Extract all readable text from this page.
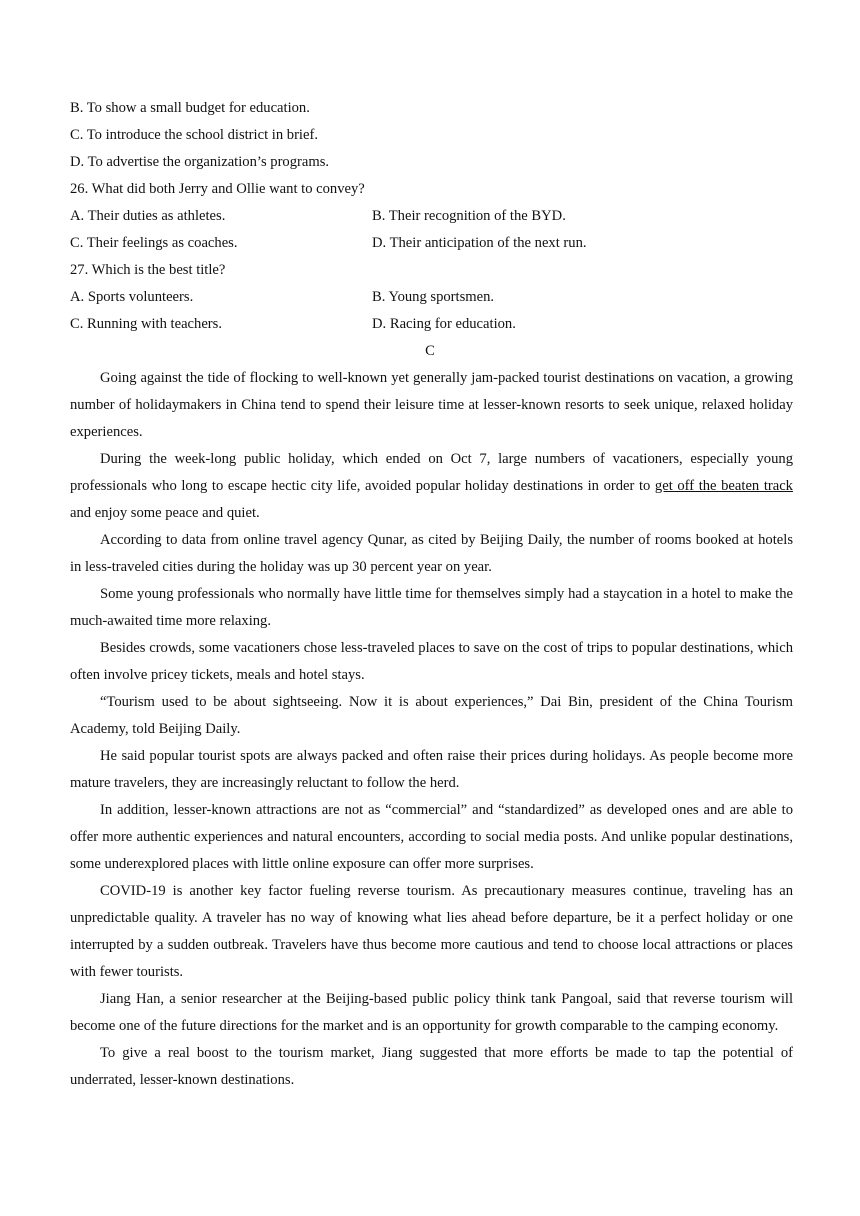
B. To show a small budget for education.
C. To introduce the school district in brief.
D. To advertise the organization’s programs.
26. What did both Jerry and Ollie want to convey?
A. Their duties as athletes.	B. Their recognition of the BYD.
C. Their feelings as coaches.	D. Their anticipation of the next run.
27. Which is the best title?
A. Sports volunteers.	B. Young sportsmen.
C. Running with teachers.	D. Racing for education.
C

Going against the tide of flocking to well-known yet generally jam-packed tourist destinations on vacation, a growing number of holidaymakers in China tend to spend their leisure time at lesser-known resorts to seek unique, relaxed holiday experiences.

During the week-long public holiday, which ended on Oct 7, large numbers of vacationers, especially young professionals who long to escape hectic city life, avoided popular holiday destinations in order to get off the beaten track and enjoy some peace and quiet.

According to data from online travel agency Qunar, as cited by Beijing Daily, the number of rooms booked at hotels in less-traveled cities during the holiday was up 30 percent year on year.

Some young professionals who normally have little time for themselves simply had a staycation in a hotel to make the much-awaited time more relaxing.

Besides crowds, some vacationers chose less-traveled places to save on the cost of trips to popular destinations, which often involve pricey tickets, meals and hotel stays.

“Tourism used to be about sightseeing. Now it is about experiences,” Dai Bin, president of the China Tourism Academy, told Beijing Daily.

He said popular tourist spots are always packed and often raise their prices during holidays. As people become more mature travelers, they are increasingly reluctant to follow the herd.

In addition, lesser-known attractions are not as “commercial” and “standardized” as developed ones and are able to offer more authentic experiences and natural encounters, according to social media posts. And unlike popular destinations, some underexplored places with little online exposure can offer more surprises.

COVID-19 is another key factor fueling reverse tourism. As precautionary measures continue, traveling has an unpredictable quality. A traveler has no way of knowing what lies ahead before departure, be it a perfect holiday or one interrupted by a sudden outbreak. Travelers have thus become more cautious and tend to choose local attractions or places with fewer tourists.

Jiang Han, a senior researcher at the Beijing-based public policy think tank Pangoal, said that reverse tourism will become one of the future directions for the market and is an opportunity for growth comparable to the camping economy.

To give a real boost to the tourism market, Jiang suggested that more efforts be made to tap the potential of underrated, lesser-known destinations.
